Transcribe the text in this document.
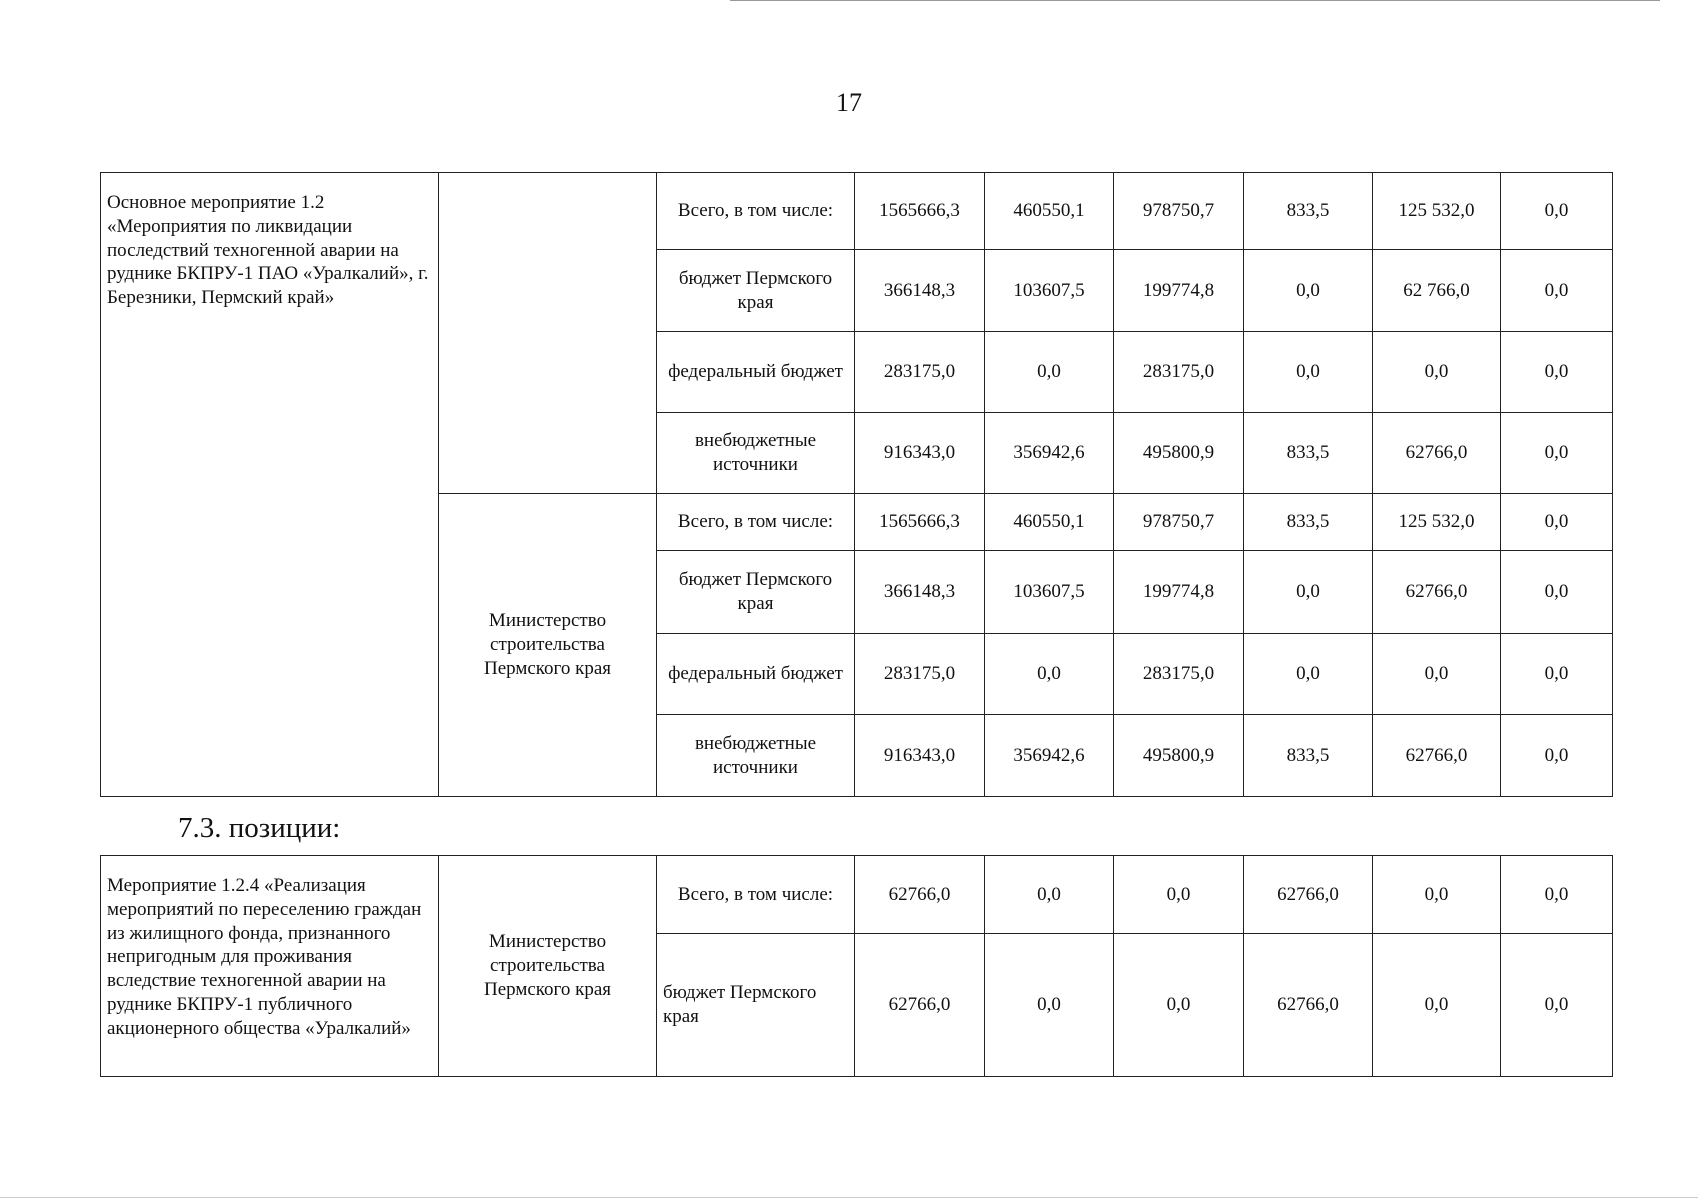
17
Основное мероприятие 1.2 «Мероприятия по ликвидации последствий техногенной аварии на руднике БКПРУ-1 ПАО «Уралкалий», г. Березники, Пермский край»		Всего, в том числе:	1565666,3	460550,1	978750,7	833,5	125 532,0	0,0
		бюджет Пермского края	366148,3	103607,5	199774,8	0,0	62 766,0	0,0
		федеральный бюджет	283175,0	0,0	283175,0	0,0	0,0	0,0
		внебюджетные источники	916343,0	356942,6	495800,9	833,5	62766,0	0,0
	Министерство строительства Пермского края	Всего, в том числе:	1565666,3	460550,1	978750,7	833,5	125 532,0	0,0
		бюджет Пермского края	366148,3	103607,5	199774,8	0,0	62766,0	0,0
		федеральный бюджет	283175,0	0,0	283175,0	0,0	0,0	0,0
		внебюджетные источники	916343,0	356942,6	495800,9	833,5	62766,0	0,0
7.3. позиции:
Мероприятие 1.2.4 «Реализация мероприятий по переселению граждан из жилищного фонда, признанного непригодным для проживания вследствие техногенной аварии на руднике БКПРУ-1 публичного акционерного общества «Уралкалий»	Министерство строительства Пермского края	Всего, в том числе:	62766,0	0,0	0,0	62766,0	0,0	0,0
		бюджет Пермского края	62766,0	0,0	0,0	62766,0	0,0	0,0
